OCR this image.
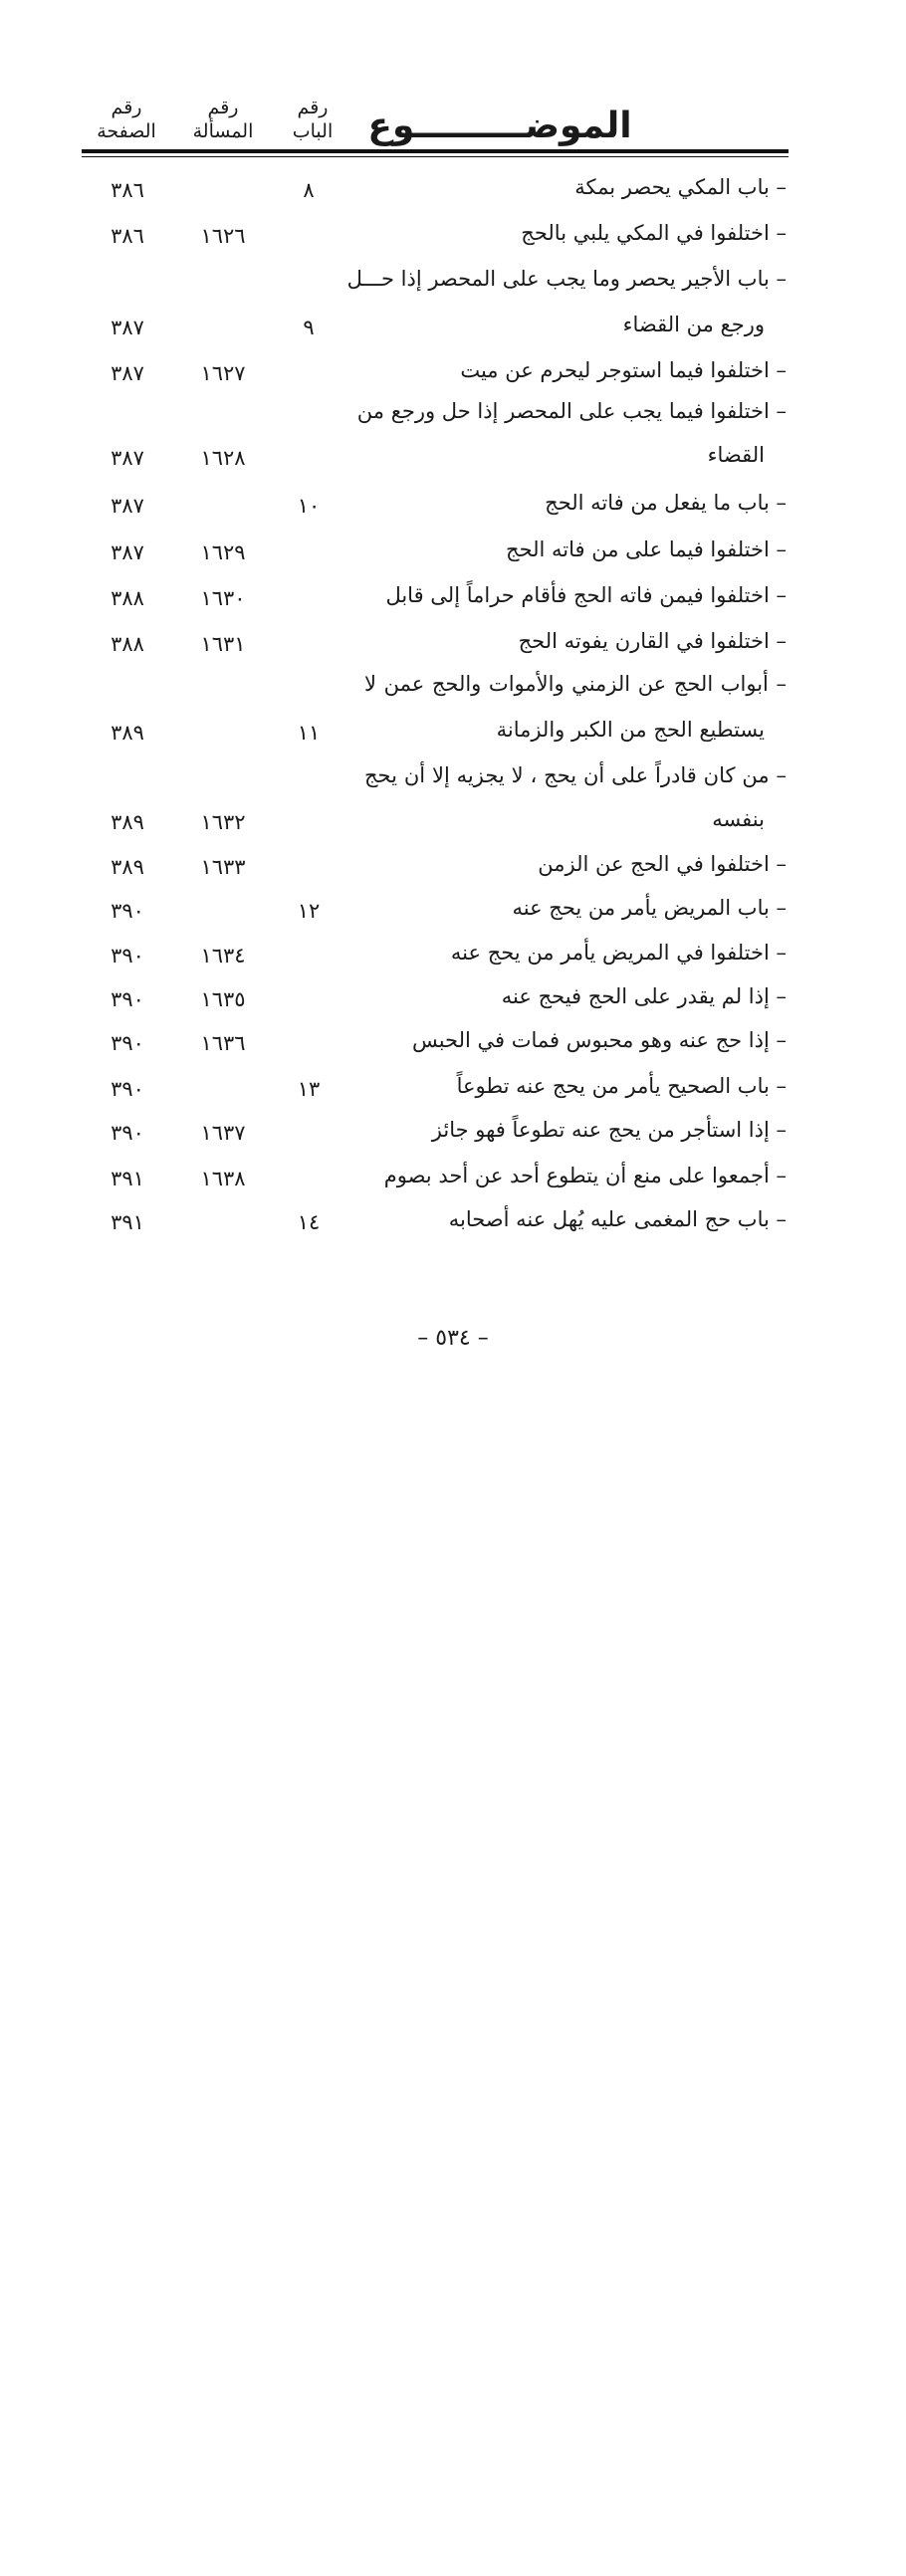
الموضـــــــــوع
رقم
الباب
رقم
المسألة
رقم
الصفحة
– باب المكي يحصر بمكة
٨
٣٨٦
– اختلفوا في المكي يلبي بالحج
١٦٢٦
٣٨٦
– باب الأجير يحصر وما يجب على المحصر إذا حـــل
ورجع من القضاء
٩
٣٨٧
– اختلفوا فيما استوجر ليحرم عن ميت
١٦٢٧
٣٨٧
– اختلفوا فيما يجب على المحصر إذا حل ورجع من
القضاء
١٦٢٨
٣٨٧
– باب ما يفعل من فاته الحج
١٠
٣٨٧
– اختلفوا فيما على من فاته الحج
١٦٢٩
٣٨٧
– اختلفوا فيمن فاته الحج فأقام حراماً إلى قابل
١٦٣٠
٣٨٨
– اختلفوا في القارن يفوته الحج
١٦٣١
٣٨٨
– أبواب الحج عن الزمني والأموات والحج عمن لا
يستطيع الحج من الكبر والزمانة
١١
٣٨٩
– من كان قادراً على أن يحج ، لا يجزيه إلا أن يحج
بنفسه
١٦٣٢
٣٨٩
– اختلفوا في الحج عن الزمن
١٦٣٣
٣٨٩
– باب المريض يأمر من يحج عنه
١٢
٣٩٠
– اختلفوا في المريض يأمر من يحج عنه
١٦٣٤
٣٩٠
– إذا لم يقدر على الحج فيحج عنه
١٦٣٥
٣٩٠
– إذا حج عنه وهو محبوس فمات في الحبس
١٦٣٦
٣٩٠
– باب الصحيح يأمر من يحج عنه تطوعاً
١٣
٣٩٠
– إذا استأجر من يحج عنه تطوعاً فهو جائز
١٦٣٧
٣٩٠
– أجمعوا على منع أن يتطوع أحد عن أحد بصوم
١٦٣٨
٣٩١
– باب حج المغمى عليه يُهل عنه أصحابه
١٤
٣٩١
– ٥٣٤ –
